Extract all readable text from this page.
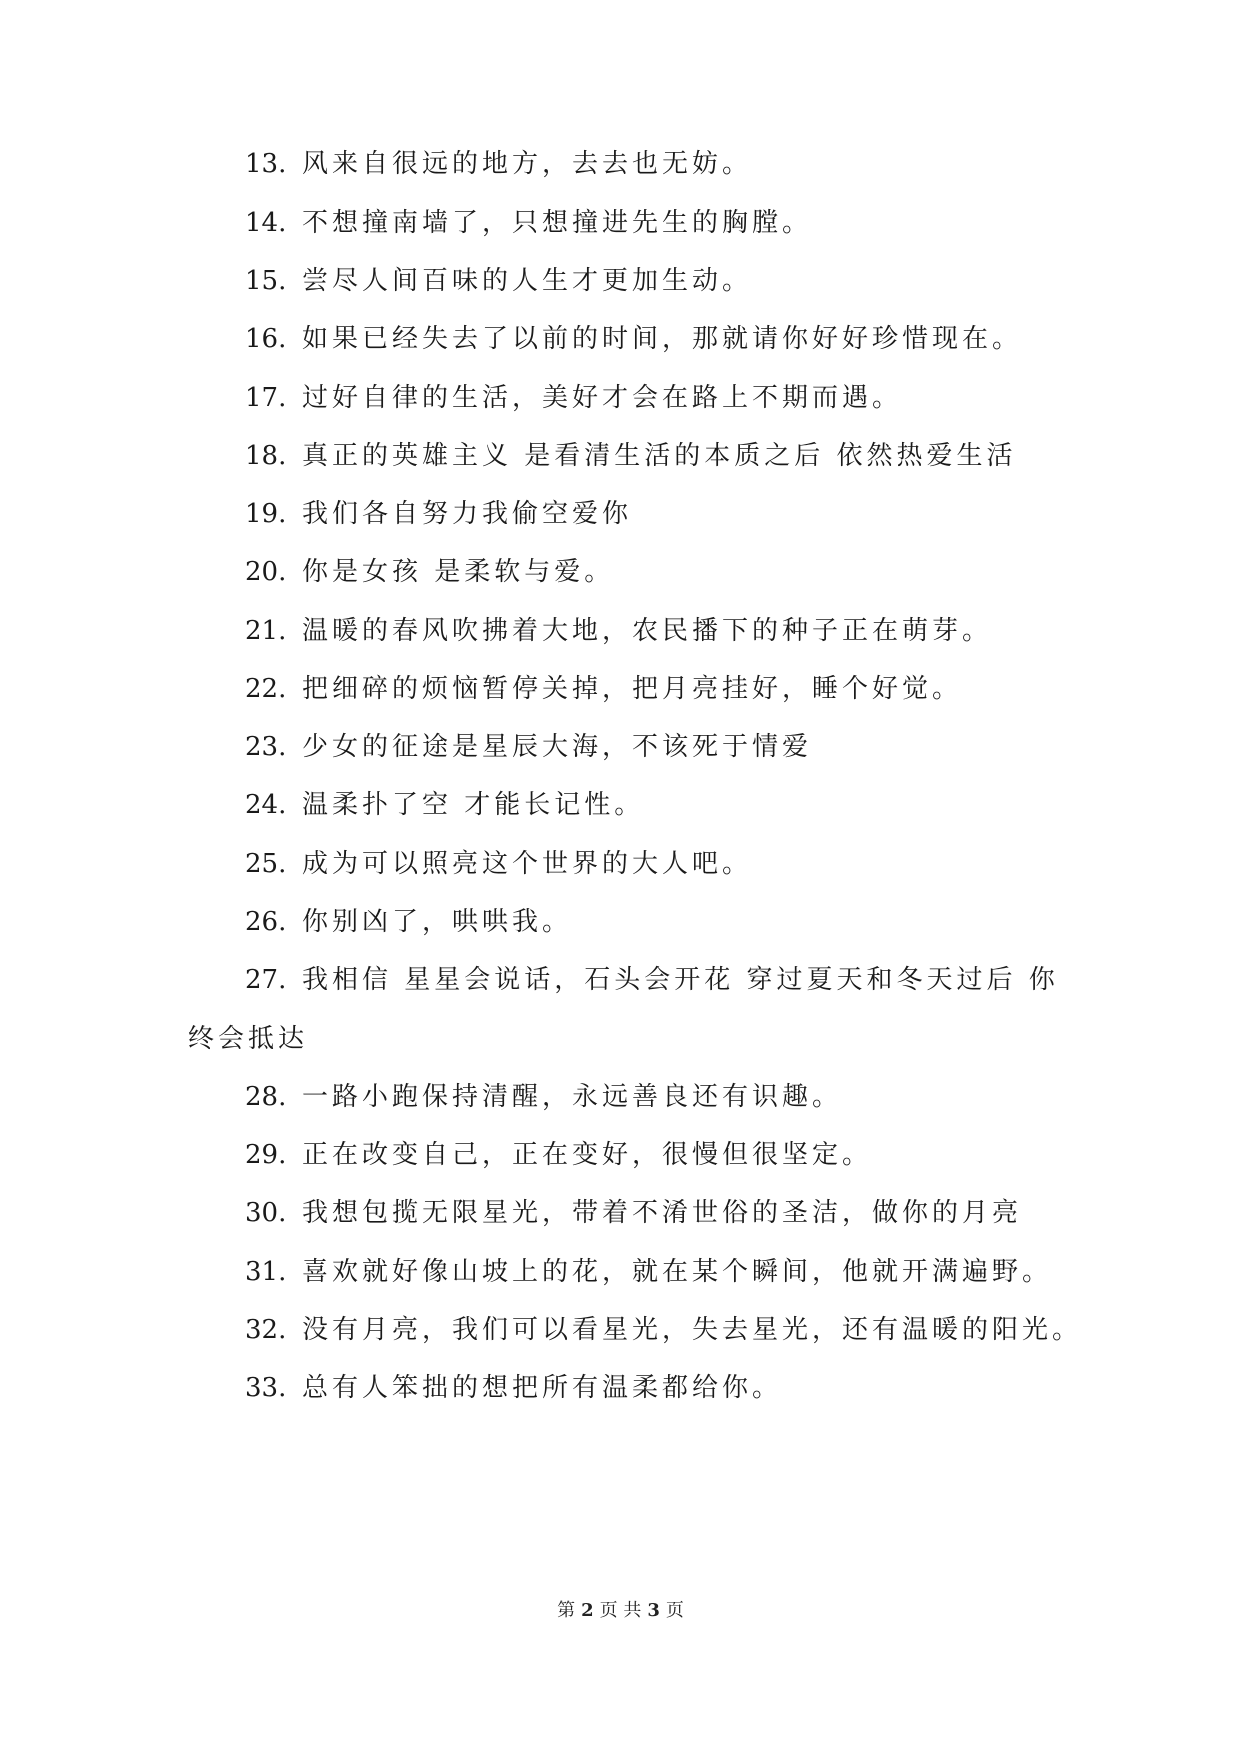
13. 风来自很远的地方，去去也无妨。
14. 不想撞南墙了，只想撞进先生的胸膛。
15. 尝尽人间百味的人生才更加生动。
16. 如果已经失去了以前的时间，那就请你好好珍惜现在。
17. 过好自律的生活，美好才会在路上不期而遇。
18. 真正的英雄主义 是看清生活的本质之后 依然热爱生活
19. 我们各自努力我偷空爱你
20. 你是女孩 是柔软与爱。
21. 温暖的春风吹拂着大地，农民播下的种子正在萌芽。
22. 把细碎的烦恼暂停关掉，把月亮挂好，睡个好觉。
23. 少女的征途是星辰大海，不该死于情爱
24. 温柔扑了空 才能长记性。
25. 成为可以照亮这个世界的大人吧。
26. 你别凶了，哄哄我。
27. 我相信 星星会说话，石头会开花 穿过夏天和冬天过后 你
终会抵达
28. 一路小跑保持清醒，永远善良还有识趣。
29. 正在改变自己，正在变好，很慢但很坚定。
30. 我想包揽无限星光，带着不淆世俗的圣洁，做你的月亮
31. 喜欢就好像山坡上的花，就在某个瞬间，他就开满遍野。
32. 没有月亮，我们可以看星光，失去星光，还有温暖的阳光。
33. 总有人笨拙的想把所有温柔都给你。
第 2 页 共 3 页
